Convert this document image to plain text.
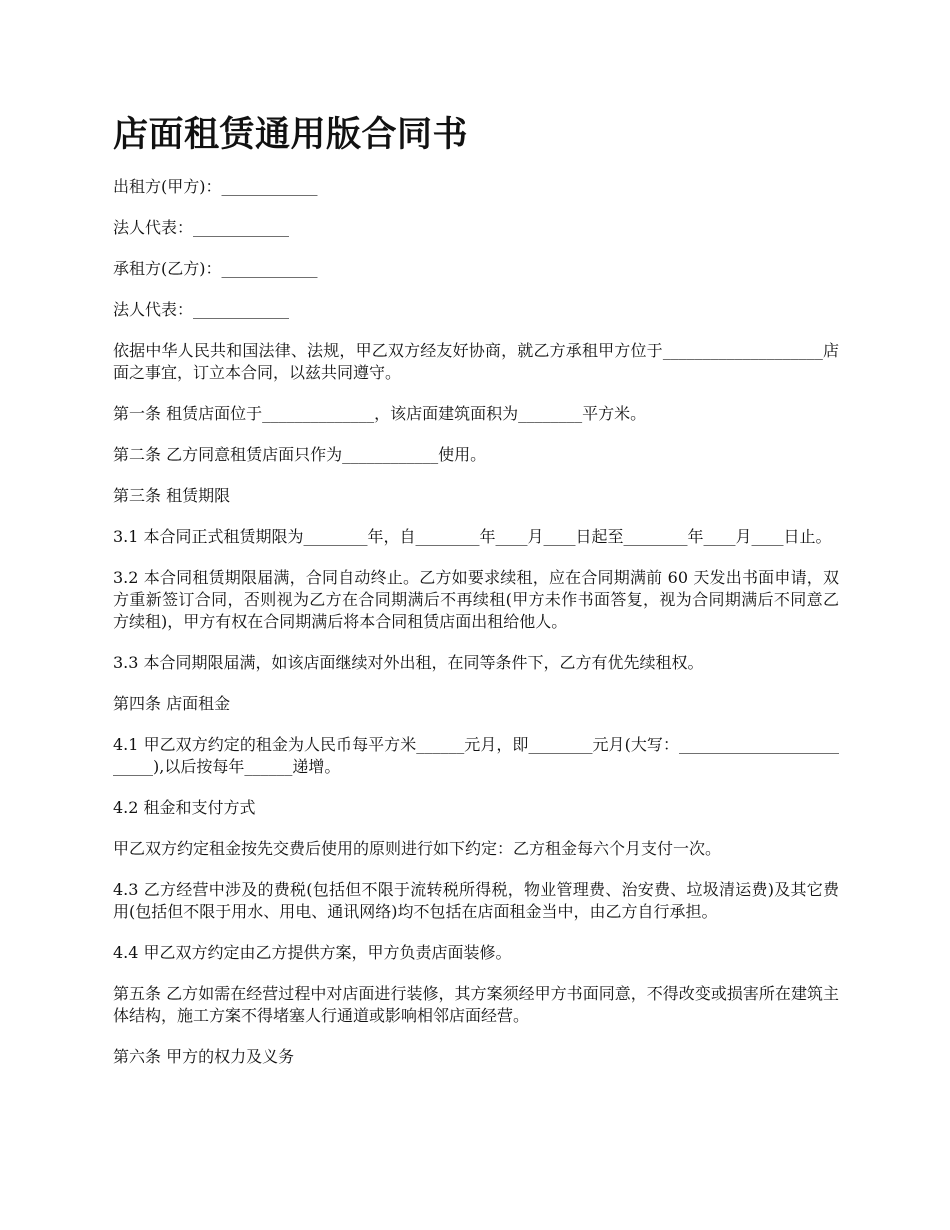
店面租赁通用版合同书

出租方(甲方)：____________

法人代表：____________

承租方(乙方)：____________

法人代表：____________

依据中华人民共和国法律、法规，甲乙双方经友好协商，就乙方承租甲方位于____________________店面之事宜，订立本合同，以兹共同遵守。

第一条 租赁店面位于______________，该店面建筑面积为________平方米。

第二条 乙方同意租赁店面只作为____________使用。

第三条 租赁期限

3.1 本合同正式租赁期限为________年，自________年____月____日起至________年____月____日止。

3.2 本合同租赁期限届满，合同自动终止。乙方如要求续租，应在合同期满前 60 天发出书面申请，双方重新签订合同，否则视为乙方在合同期满后不再续租(甲方未作书面答复，视为合同期满后不同意乙方续租)，甲方有权在合同期满后将本合同租赁店面出租给他人。

3.3 本合同期限届满，如该店面继续对外出租，在同等条件下，乙方有优先续租权。

第四条 店面租金

4.1 甲乙双方约定的租金为人民币每平方米______元月，即________元月(大写：_________________________),以后按每年______递增。

4.2 租金和支付方式

甲乙双方约定租金按先交费后使用的原则进行如下约定：乙方租金每六个月支付一次。

4.3 乙方经营中涉及的费税(包括但不限于流转税所得税，物业管理费、治安费、垃圾清运费)及其它费用(包括但不限于用水、用电、通讯网络)均不包括在店面租金当中，由乙方自行承担。

4.4 甲乙双方约定由乙方提供方案，甲方负责店面装修。

第五条 乙方如需在经营过程中对店面进行装修，其方案须经甲方书面同意，不得改变或损害所在建筑主体结构，施工方案不得堵塞人行通道或影响相邻店面经营。

第六条 甲方的权力及义务
